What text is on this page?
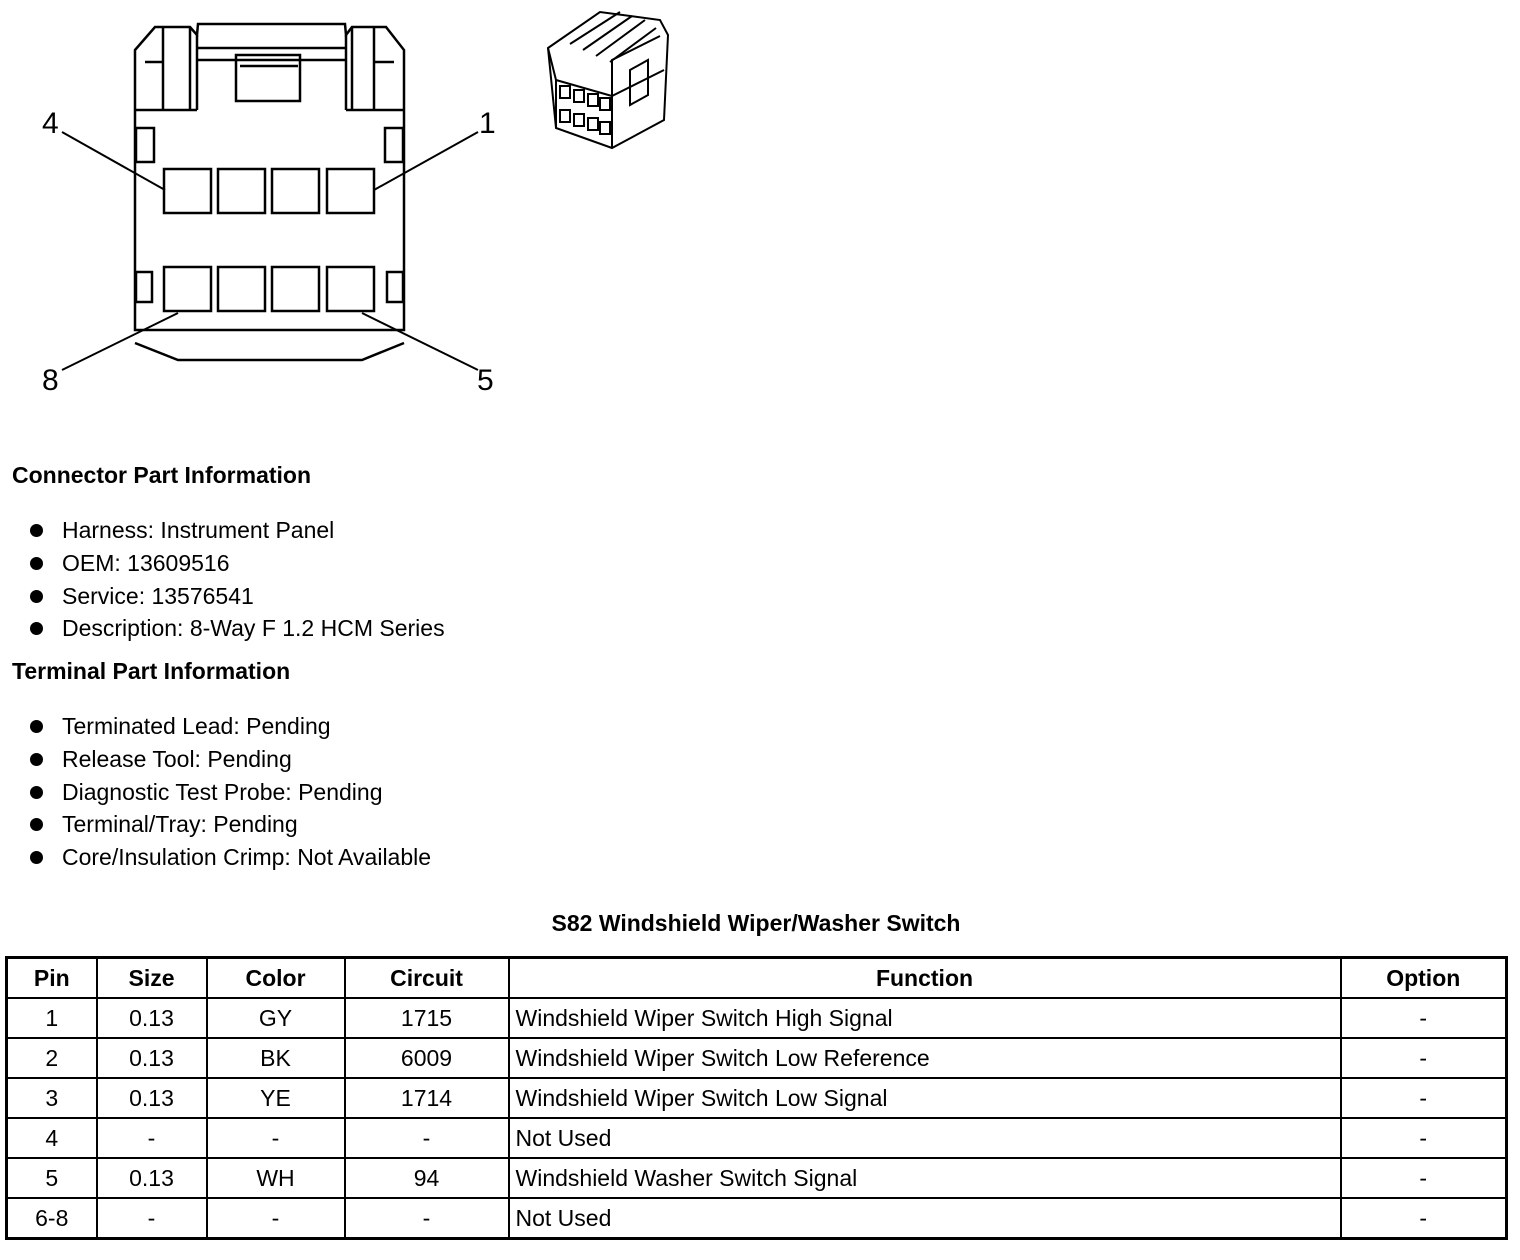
4	1
8	5
Connector Part Information
Harness: Instrument Panel
OEM: 13609516
Service: 13576541
Description: 8-Way F 1.2 HCM Series
Terminal Part Information
Terminated Lead: Pending
Release Tool: Pending
Diagnostic Test Probe: Pending
Terminal/Tray: Pending
Core/Insulation Crimp: Not Available
S82 Windshield Wiper/Washer Switch
Pin	Size	Color	Circuit	Function	Option
1	0.13	GY	1715	Windshield Wiper Switch High Signal	-
2	0.13	BK	6009	Windshield Wiper Switch Low Reference	-
3	0.13	YE	1714	Windshield Wiper Switch Low Signal	-
4	-	-	-	Not Used	-
5	0.13	WH	94	Windshield Washer Switch Signal	-
6-8	-	-	-	Not Used	-
